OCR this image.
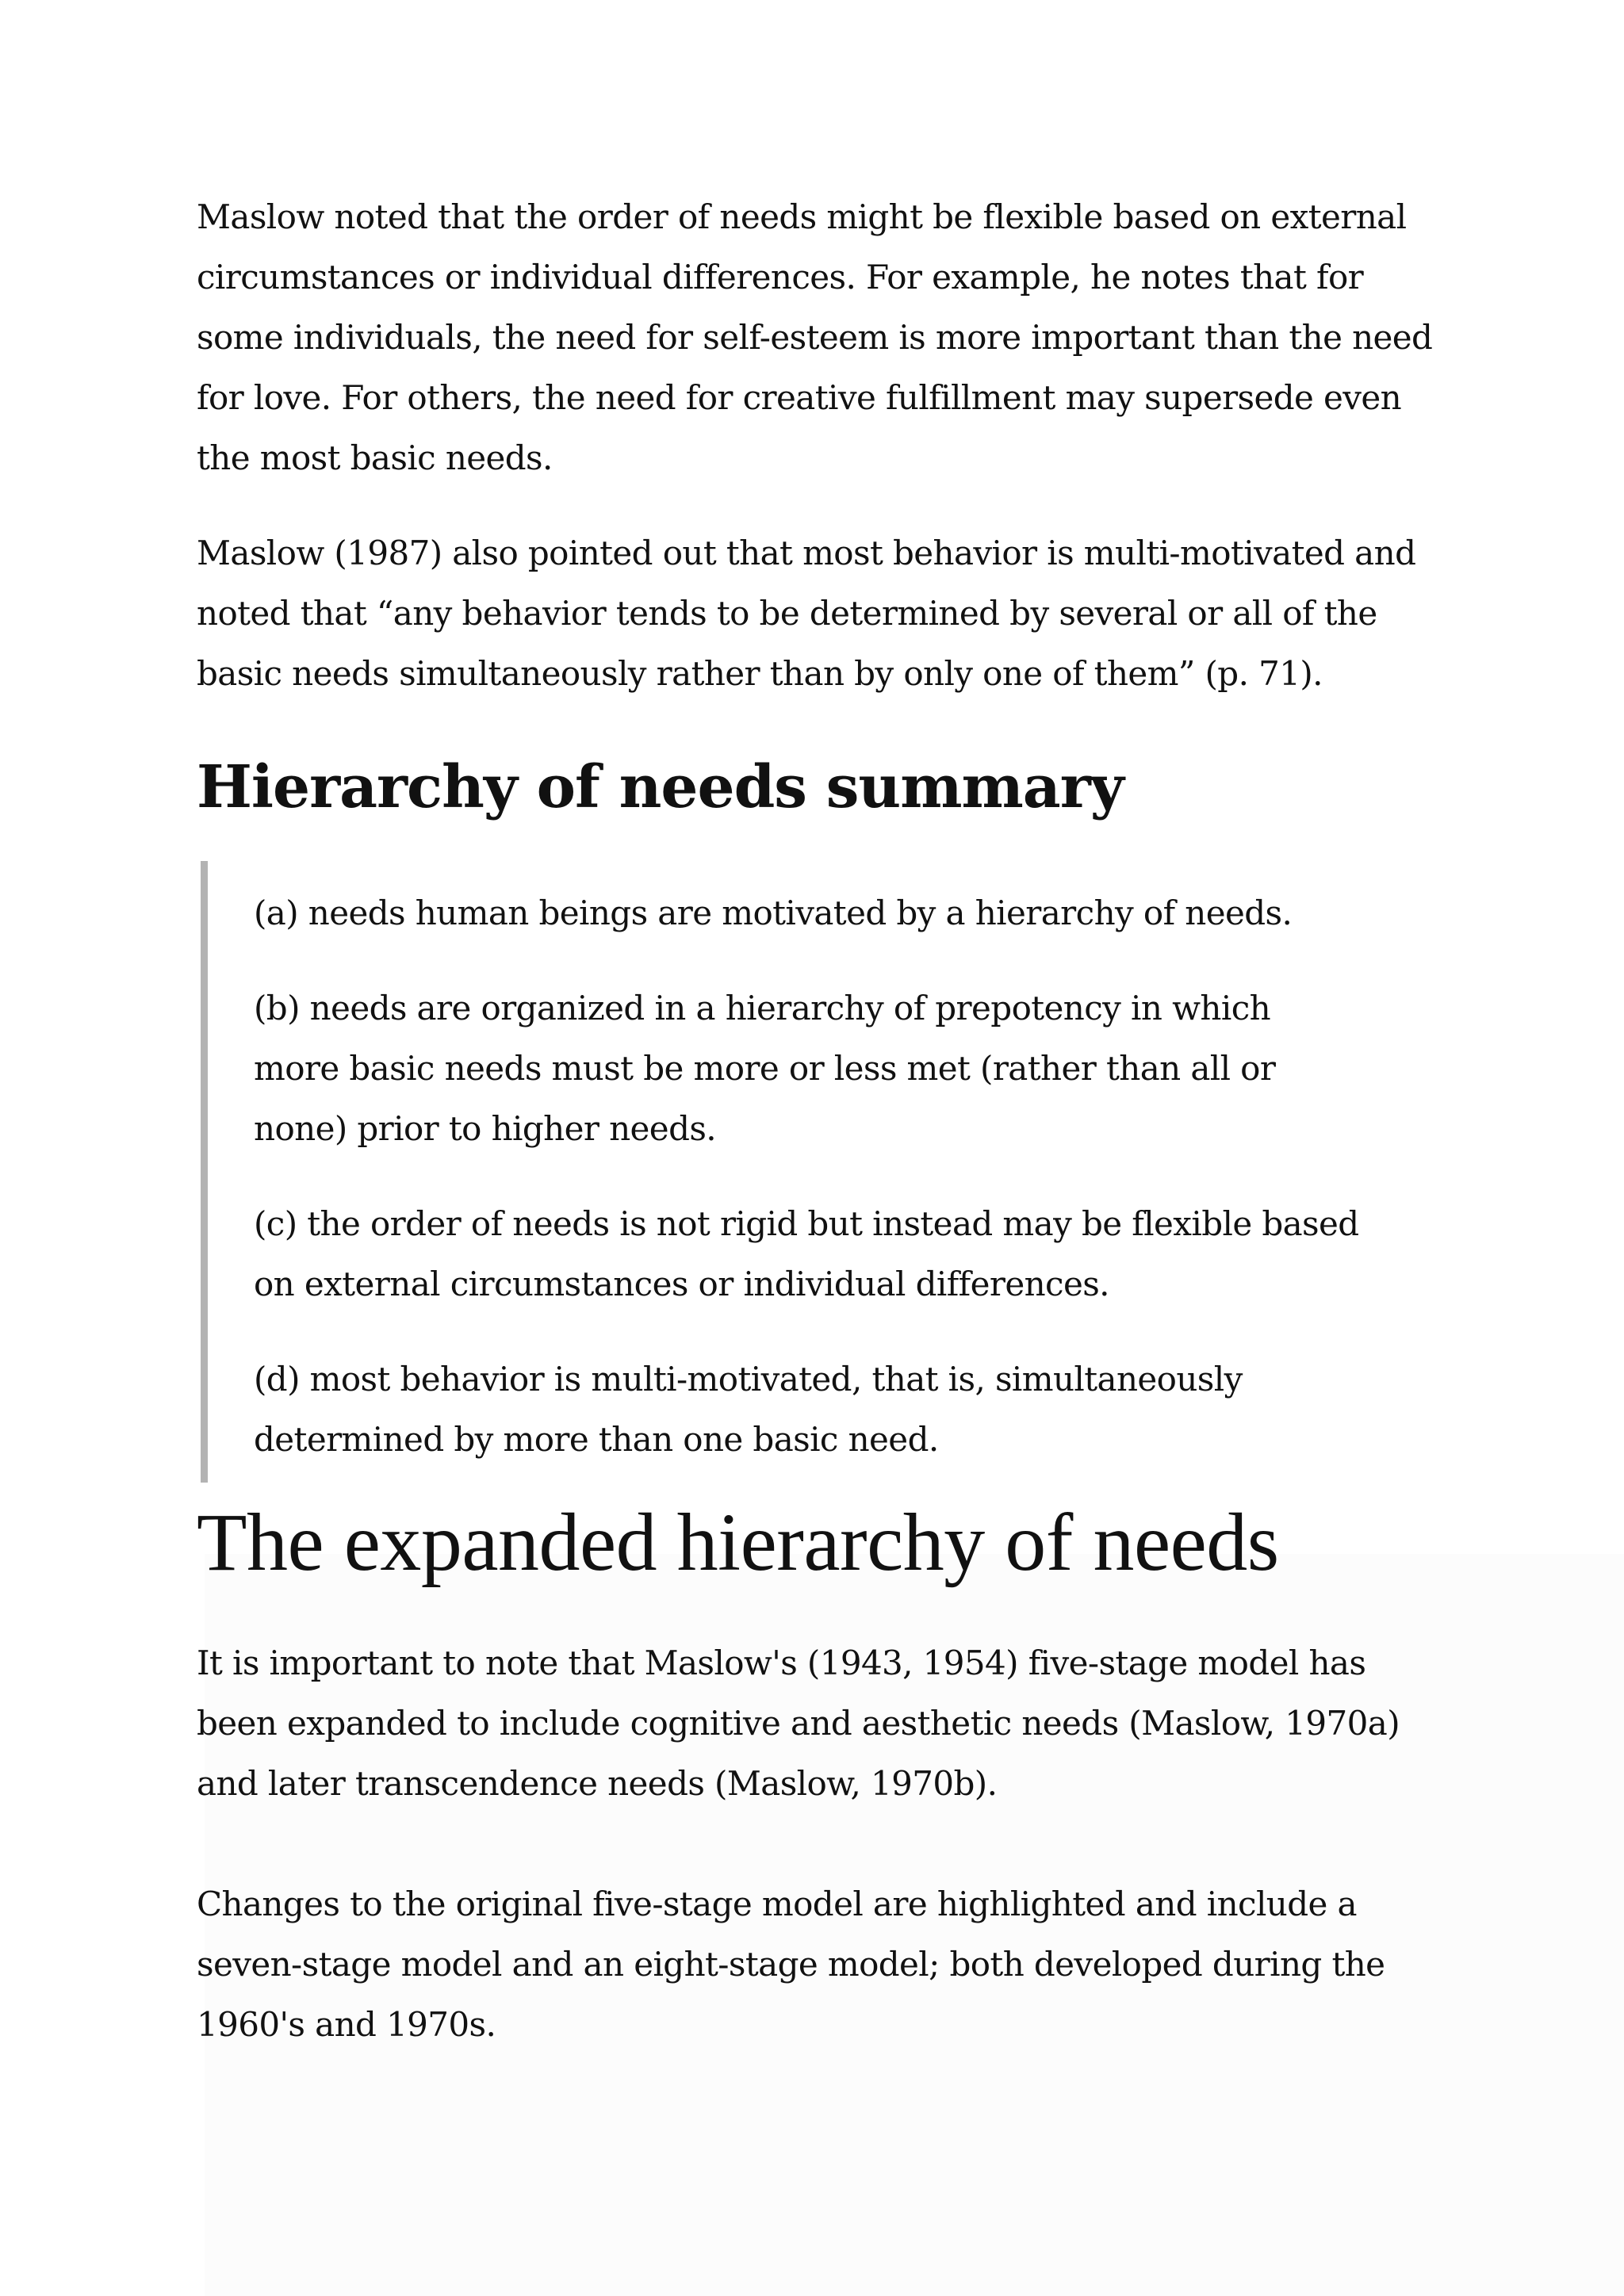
Maslow noted that the order of needs might be flexible based on external circumstances or individual differences. For example, he notes that for some individuals, the need for self-esteem is more important than the need for love. For others, the need for creative fulfillment may supersede even the most basic needs.

Maslow (1987) also pointed out that most behavior is multi-motivated and noted that “any behavior tends to be determined by several or all of the basic needs simultaneously rather than by only one of them” (p. 71).

Hierarchy of needs summary

(a) needs human beings are motivated by a hierarchy of needs.

(b) needs are organized in a hierarchy of prepotency in which more basic needs must be more or less met (rather than all or none) prior to higher needs.

(c) the order of needs is not rigid but instead may be flexible based on external circumstances or individual differences.

(d) most behavior is multi-motivated, that is, simultaneously determined by more than one basic need.

The expanded hierarchy of needs

It is important to note that Maslow's (1943, 1954) five-stage model has been expanded to include cognitive and aesthetic needs (Maslow, 1970a) and later transcendence needs (Maslow, 1970b).

Changes to the original five-stage model are highlighted and include a seven-stage model and an eight-stage model; both developed during the 1960's and 1970s.
